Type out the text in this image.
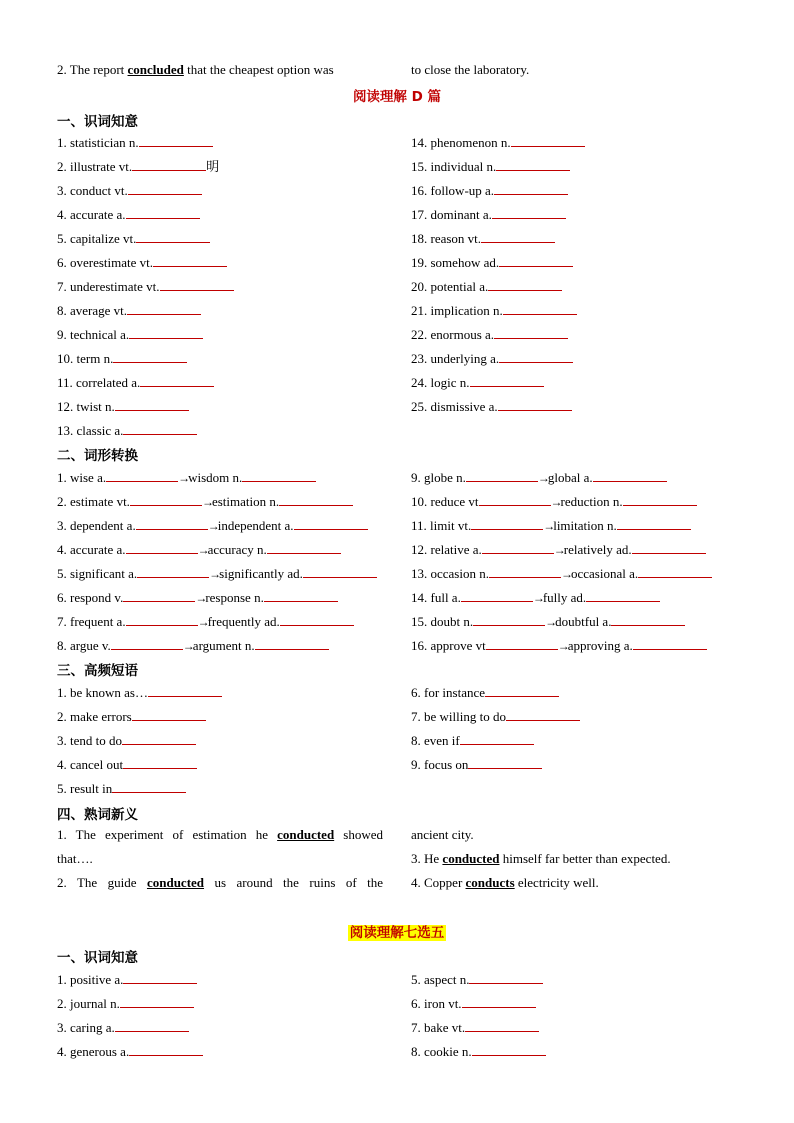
2. The report concluded that the cheapest option was	to close the laboratory.
阅读理解 D 篇
一、识词知意
1. statistician n.
2. illustrate vt.	明
3. conduct vt.
4. accurate a.
5. capitalize vt.
6. overestimate vt.
7. underestimate vt.
8. average vt.
9. technical a.
10. term n.
11. correlated a.
12. twist n.
13. classic a.
14. phenomenon n.
15. individual n.
16. follow-up a.
17. dominant a.
18. reason vt.
19. somehow ad.
20. potential a.
21. implication n.
22. enormous a.
23. underlying a.
24. logic n.
25. dismissive a.
二、词形转换
1. wise a.	→wisdom n.
2. estimate vt.	→estimation n.
3. dependent a.	→independent a.
4. accurate a.	→accuracy n.
5. significant a.	→significantly ad.
6. respond v.	→response n.
7. frequent a.	→frequently ad.
8. argue v.	→argument n.
9. globe n.	→global a.
10. reduce vt	→reduction n.
11. limit vt.	→limitation n.
12. relative a.	→relatively ad.
13. occasion n.	→occasional a.
14. full a.	→fully ad.
15. doubt n.	→doubtful a.
16. approve vt	→approving a.
三、高频短语
1. be known as…
2. make errors
3. tend to do
4. cancel out
5. result in
6. for instance
7. be willing to do
8. even if
9. focus on
四、熟词新义
1. The experiment of estimation he conducted showed
that….
2. The guide conducted us around the ruins of the
ancient city.
3. He conducted himself far better than expected.
4. Copper conducts electricity well.
阅读理解七选五
一、识词知意
1. positive a.
2. journal n.
3. caring a.
4. generous a.
5. aspect n.
6. iron vt.
7. bake vt.
8. cookie n.
